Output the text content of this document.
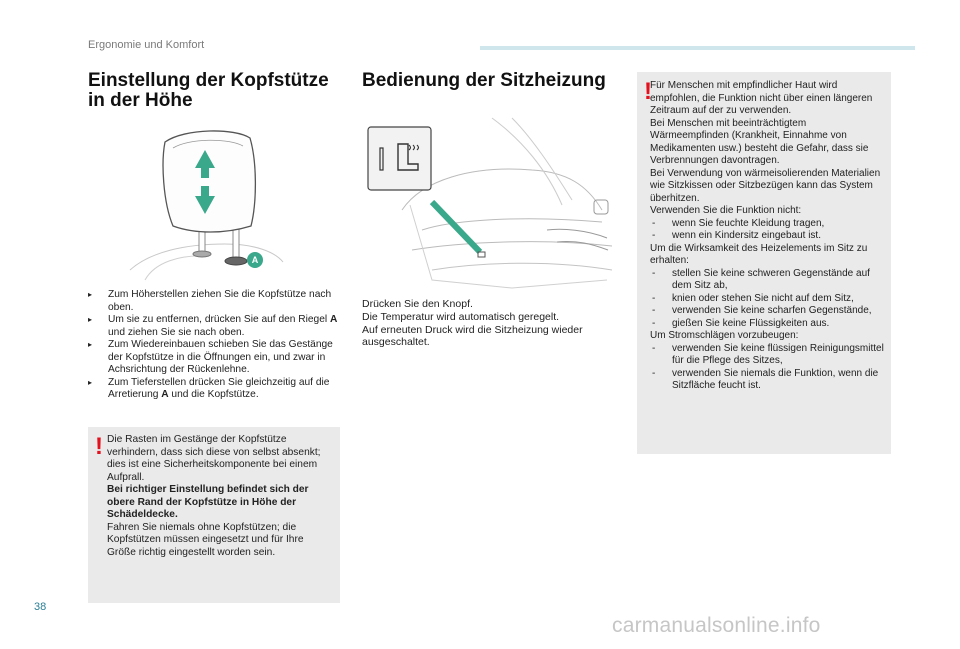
Ergonomie und Komfort
Einstellung der Kopfstütze
in der Höhe
A
▸ Zum Höherstellen ziehen Sie die Kopfstütze nach oben.
▸ Um sie zu entfernen, drücken Sie auf den Riegel A und ziehen Sie sie nach oben.
▸ Zum Wiedereinbauen schieben Sie das Gestänge der Kopfstütze in die Öffnungen ein, und zwar in Achsrichtung der Rückenlehne.
▸ Zum Tieferstellen drücken Sie gleichzeitig auf die Arretierung A und die Kopfstütze.
! Die Rasten im Gestänge der Kopfstütze verhindern, dass sich diese von selbst absenkt; dies ist eine Sicherheitskomponente bei einem Aufprall.
Bei richtiger Einstellung befindet sich der obere Rand der Kopfstütze in Höhe der Schädeldecke.
Fahren Sie niemals ohne Kopfstützen; die Kopfstützen müssen eingesetzt und für Ihre Größe richtig eingestellt worden sein.
Bedienung der Sitzheizung
Drücken Sie den Knopf.
Die Temperatur wird automatisch geregelt.
Auf erneuten Druck wird die Sitzheizung wieder ausgeschaltet.
!
Für Menschen mit empfindlicher Haut wird empfohlen, die Funktion nicht über einen längeren Zeitraum auf der zu verwenden.
Bei Menschen mit beeinträchtigtem Wärmeempfinden (Krankheit, Einnahme von Medikamenten usw.) besteht die Gefahr, dass sie Verbrennungen davontragen.
Bei Verwendung von wärmeisolierenden Materialien wie Sitzkissen oder Sitzbezügen kann das System überhitzen.
Verwenden Sie die Funktion nicht:
- wenn Sie feuchte Kleidung tragen,
- wenn ein Kindersitz eingebaut ist.
Um die Wirksamkeit des Heizelements im Sitz zu erhalten:
- stellen Sie keine schweren Gegenstände auf dem Sitz ab,
- knien oder stehen Sie nicht auf dem Sitz,
- verwenden Sie keine scharfen Gegenstände,
- gießen Sie keine Flüssigkeiten aus.
Um Stromschlägen vorzubeugen:
- verwenden Sie keine flüssigen Reinigungsmittel für die Pflege des Sitzes,
- verwenden Sie niemals die Funktion, wenn die Sitzfläche feucht ist.
38
carmanualsonline.info
